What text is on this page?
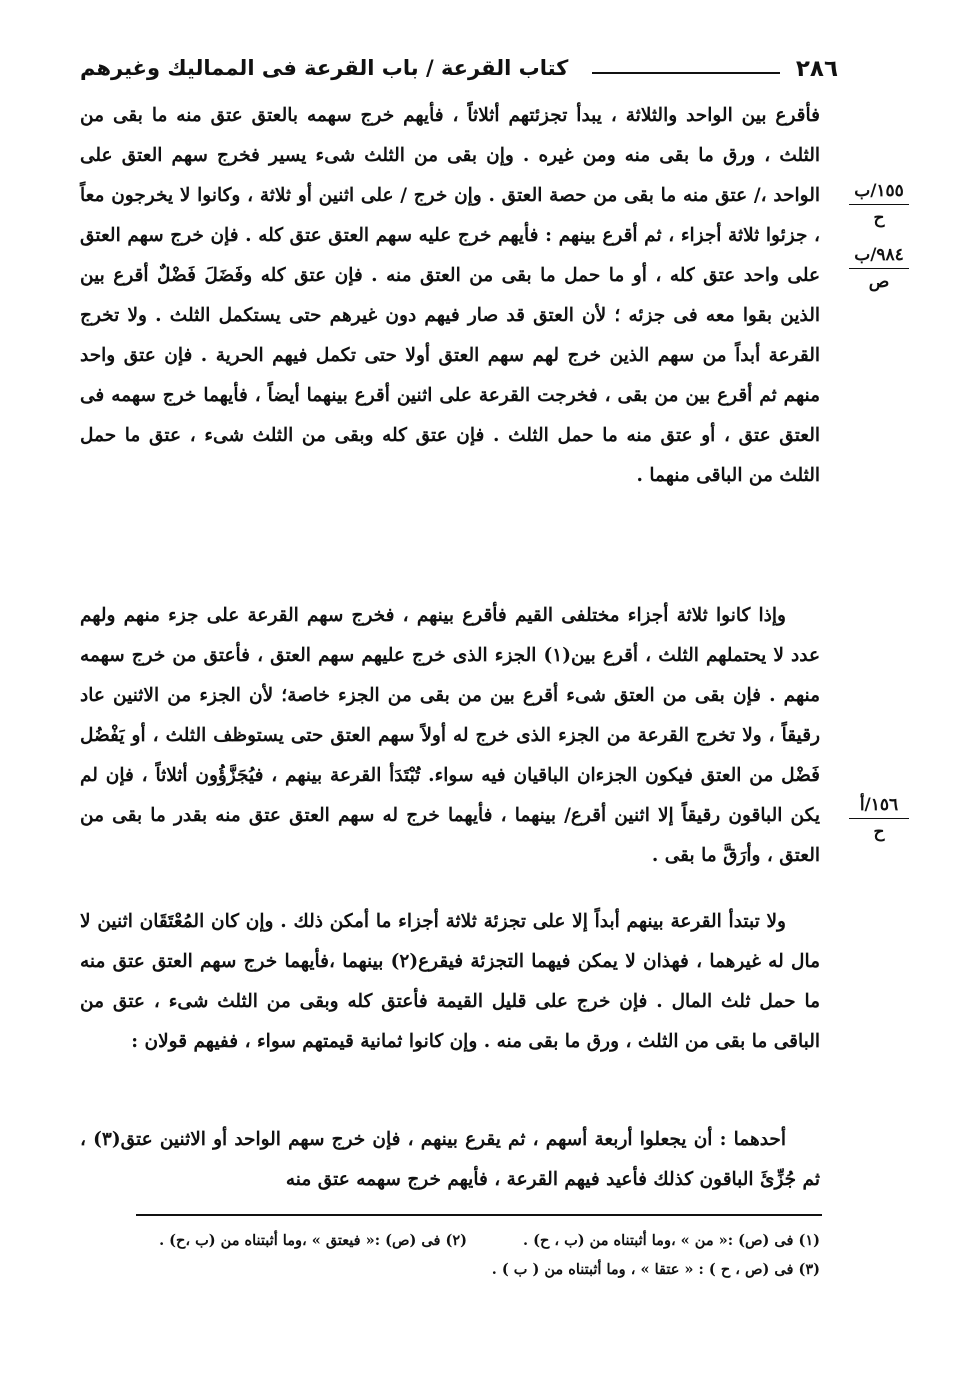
٢٨٦
كتاب القرعة / باب القرعة فى المماليك وغيرهم
١٥٥/ب
ح
٩٨٤/ب
ص
١٥٦/أ
ح

فأقرع بين الواحد والثلاثة ، يبدأ تجزئتهم أثلاثاً ، فأيهم خرج سهمه بالعتق عتق منه ما بقى من الثلث ، ورق ما بقى منه ومن غيره . وإن بقى من الثلث شىء يسير فخرج سهم العتق على الواحد ،/ عتق منه ما بقى من حصة العتق . وإن خرج / على اثنين أو ثلاثة ، وكانوا لا يخرجون معاً ، جزئوا ثلاثة أجزاء ، ثم أقرع بينهم : فأيهم خرج عليه سهم العتق عتق كله . فإن خرج سهم العتق على واحد عتق كله ، أو ما حمل ما بقى من العتق منه . فإن عتق كله وفَضَلَ فَضْلٌ أقرع بين الذين بقوا معه فى جزئه ؛ لأن العتق قد صار فيهم دون غيرهم حتى يستكمل الثلث . ولا تخرج القرعة أبداً من سهم الذين خرج لهم سهم العتق أولا حتى تكمل فيهم الحرية . فإن عتق واحد منهم ثم أقرع بين من بقى ، فخرجت القرعة على اثنين أقرع بينهما أيضاً ، فأيهما خرج سهمه فى العتق عتق ، أو عتق منه ما حمل الثلث . فإن عتق كله وبقى من الثلث شىء ، عتق ما حمل الثلث من الباقى منهما .

وإذا كانوا ثلاثة أجزاء مختلفى القيم فأقرع بينهم ، فخرج سهم القرعة على جزء منهم ولهم عدد لا يحتملهم الثلث ، أقرع بين(١) الجزء الذى خرج عليهم سهم العتق ، فأعتق من خرج سهمه منهم . فإن بقى من العتق شىء أقرع بين من بقى من الجزء خاصة؛ لأن الجزء من الاثنين عاد رقيقاً ، ولا تخرج القرعة من الجزء الذى خرج له أولاً سهم العتق حتى يستوظف الثلث ، أو يَفْضُل فَضْل من العتق فيكون الجزءان الباقيان فيه سواء. تُبْتَدَأ القرعة بينهم ، فيُجَزَّؤُون أثلاثاً ، فإن لم يكن الباقون رقيقاً إلا اثنين أقرع/ بينهما ، فأيهما خرج له سهم العتق عتق منه بقدر ما بقى من العتق ، وأرَقَّ ما بقى .

ولا تبتدأ القرعة بينهم أبداً إلا على تجزئة ثلاثة أجزاء ما أمكن ذلك . وإن كان المُعْتَقَان اثنين لا مال له غيرهما ، فهذان لا يمكن فيهما التجزئة فيقرع(٢) بينهما ،فأيهما خرج سهم العتق عتق منه ما حمل ثلث المال . فإن خرج على قليل القيمة فأعتق كله وبقى من الثلث شىء ، عتق من الباقى ما بقى من الثلث ، ورق ما بقى منه . وإن كانوا ثمانية قيمتهم سواء ، ففيهم قولان :

أحدهما : أن يجعلوا أربعة أسهم ، ثم يقرع بينهم ، فإن خرج سهم الواحد أو الاثنين عتق(٣) ، ثم جُزِّئَ الباقون كذلك فأعيد فيهم القرعة ، فأيهم خرج سهمه عتق منه

(١) فى (ص) :« من » ،وما أثبتناه من (ب ، ح) .(٢) فى (ص) :« فيعتق » ،وما أثبتناه من (ب ،ح) .
(٣) فى (ص ، ح ) : « عتقا » ، وما أثبتناه من ( ب ) .
